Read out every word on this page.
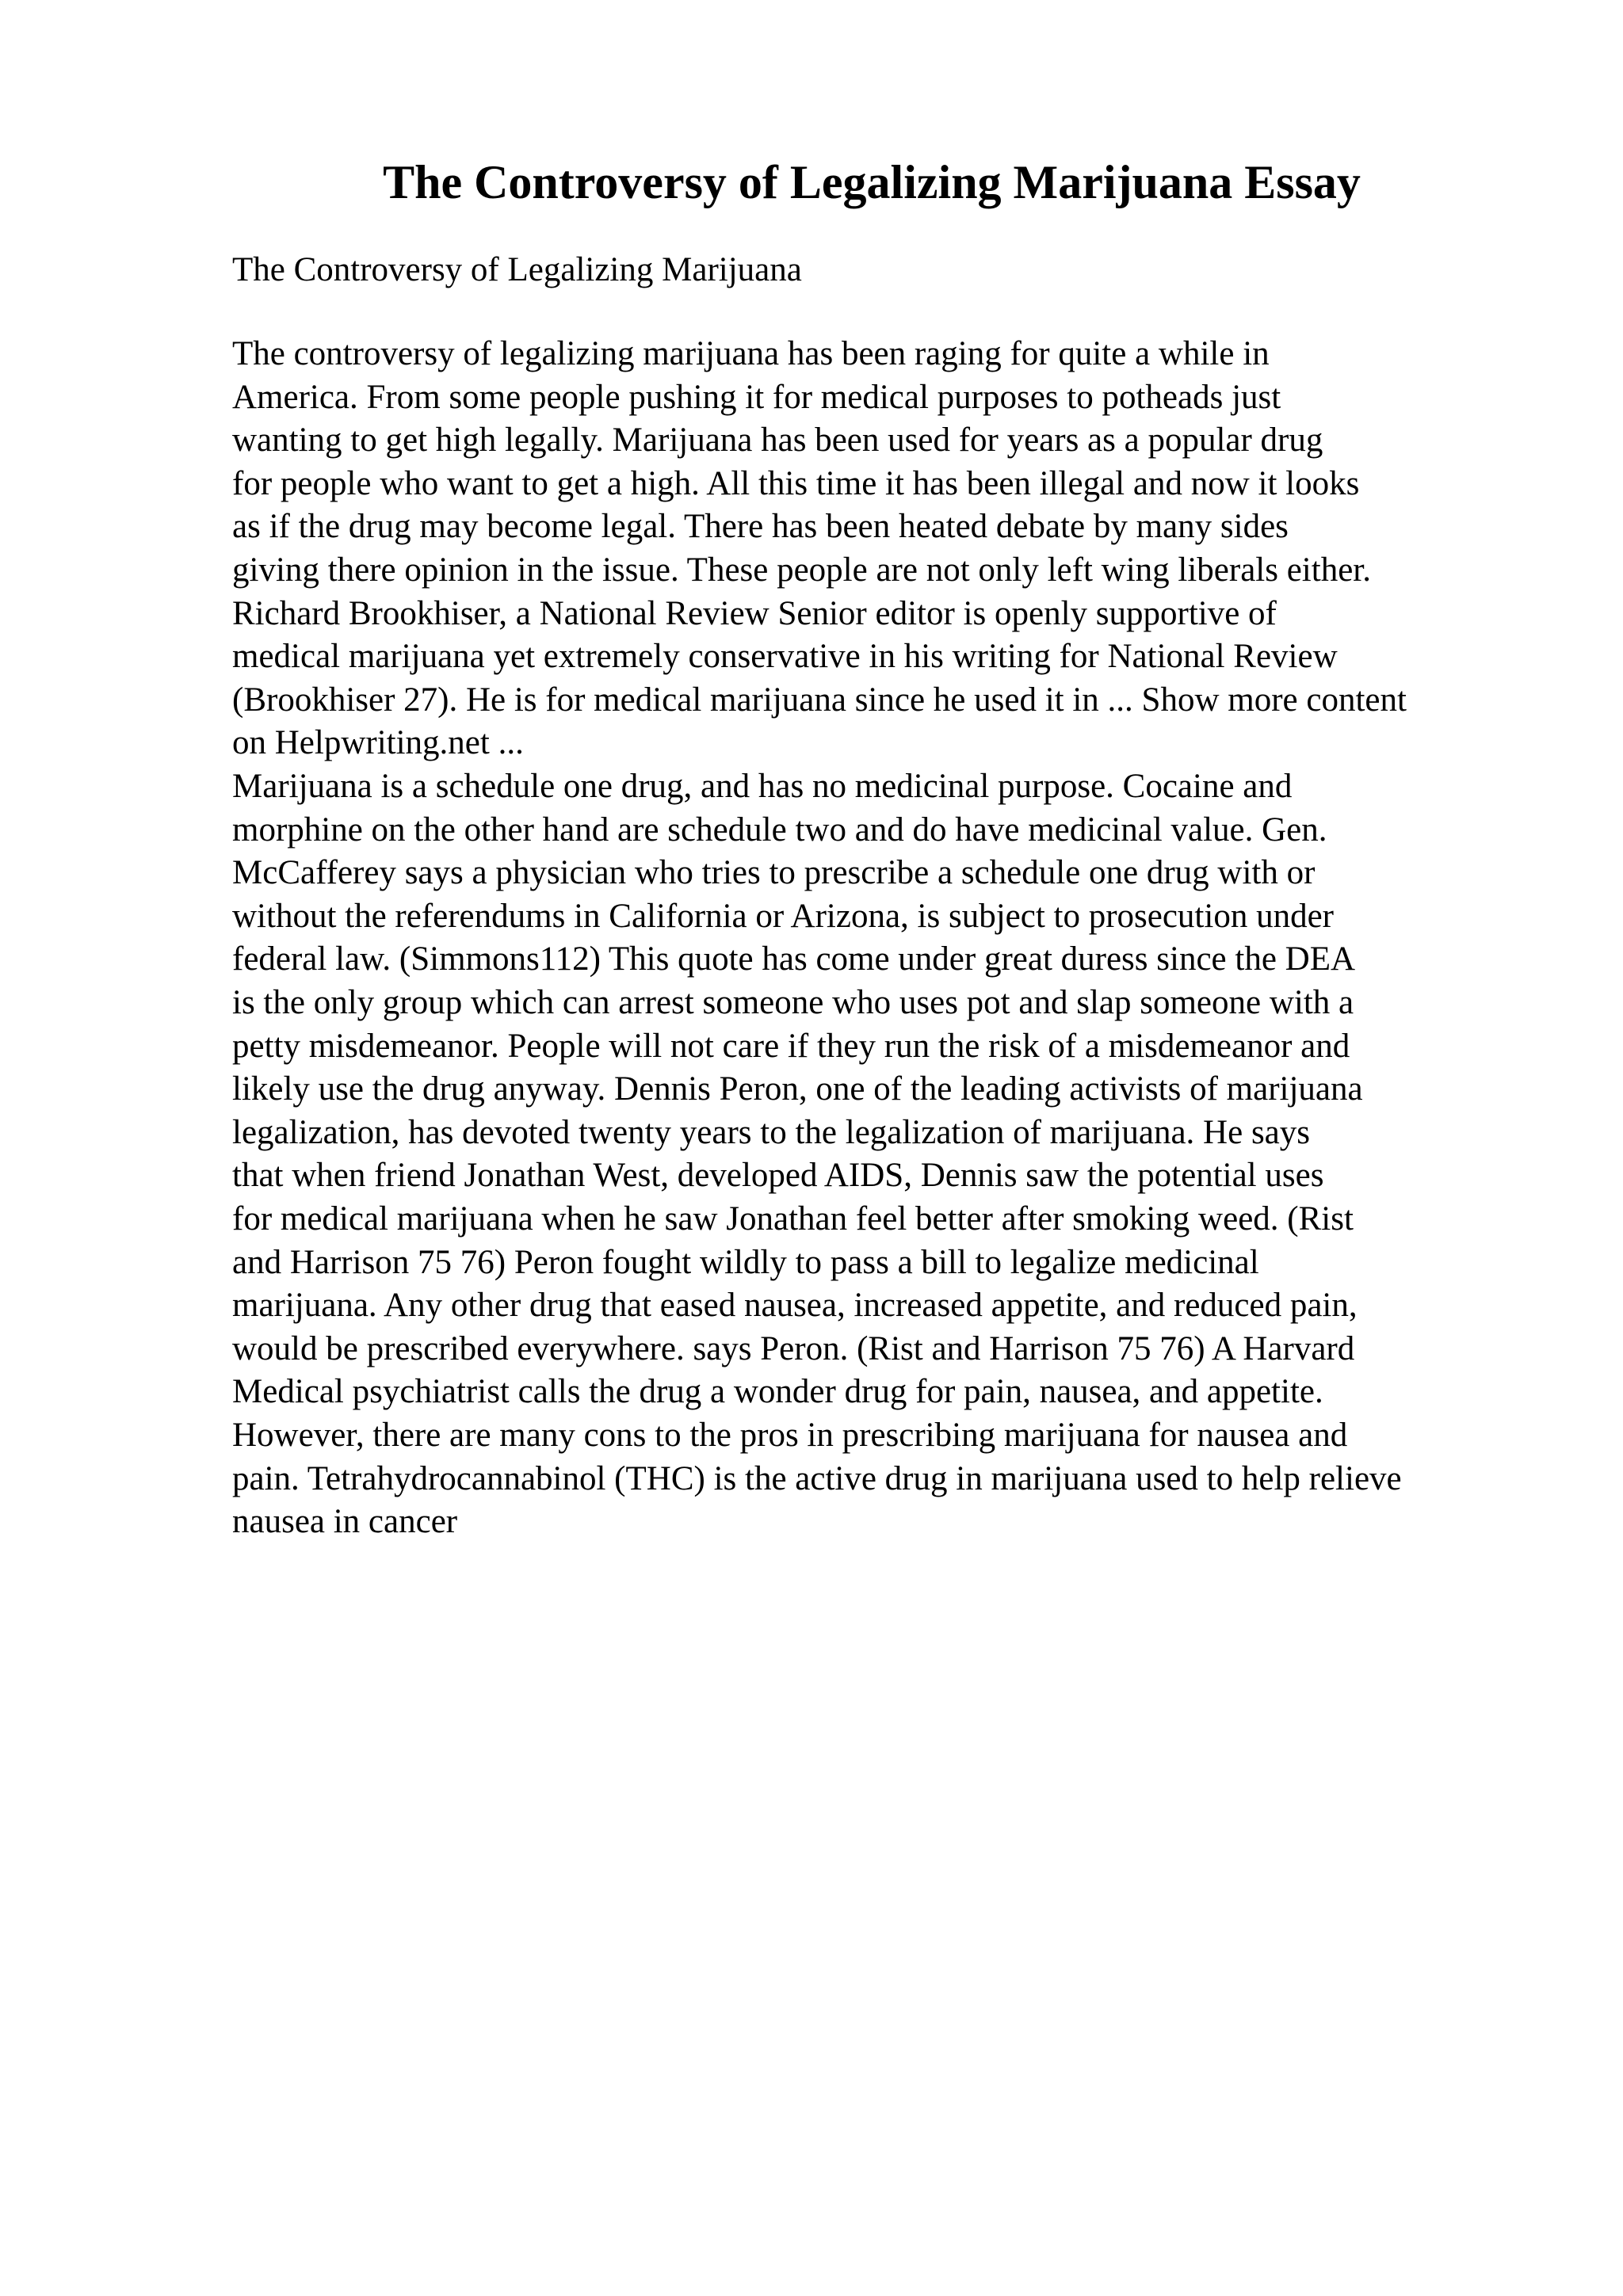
The Controversy of Legalizing Marijuana Essay

The Controversy of Legalizing Marijuana

The controversy of legalizing marijuana has been raging for quite a while in
America. From some people pushing it for medical purposes to potheads just
wanting to get high legally. Marijuana has been used for years as a popular drug
for people who want to get a high. All this time it has been illegal and now it looks
as if the drug may become legal. There has been heated debate by many sides
giving there opinion in the issue. These people are not only left wing liberals either.
Richard Brookhiser, a National Review Senior editor is openly supportive of
medical marijuana yet extremely conservative in his writing for National Review
(Brookhiser 27). He is for medical marijuana since he used it in ... Show more content
on Helpwriting.net ...
Marijuana is a schedule one drug, and has no medicinal purpose. Cocaine and
morphine on the other hand are schedule two and do have medicinal value. Gen.
McCafferey says a physician who tries to prescribe a schedule one drug with or
without the referendums in California or Arizona, is subject to prosecution under
federal law. (Simmons112) This quote has come under great duress since the DEA
is the only group which can arrest someone who uses pot and slap someone with a
petty misdemeanor. People will not care if they run the risk of a misdemeanor and
likely use the drug anyway. Dennis Peron, one of the leading activists of marijuana
legalization, has devoted twenty years to the legalization of marijuana. He says
that when friend Jonathan West, developed AIDS, Dennis saw the potential uses
for medical marijuana when he saw Jonathan feel better after smoking weed. (Rist
and Harrison 75 76) Peron fought wildly to pass a bill to legalize medicinal
marijuana. Any other drug that eased nausea, increased appetite, and reduced pain,
would be prescribed everywhere. says Peron. (Rist and Harrison 75 76) A Harvard
Medical psychiatrist calls the drug a wonder drug for pain, nausea, and appetite.
However, there are many cons to the pros in prescribing marijuana for nausea and
pain. Tetrahydrocannabinol (THC) is the active drug in marijuana used to help relieve
nausea in cancer
